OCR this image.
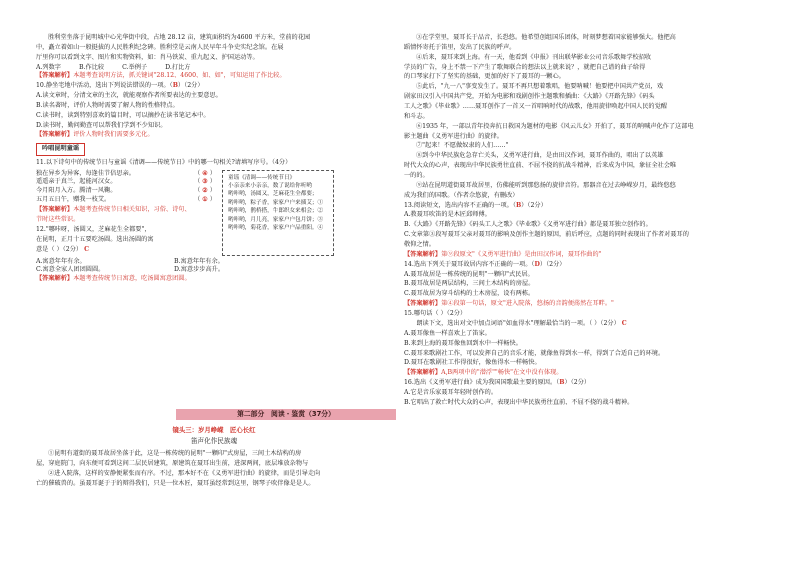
胜利堂坐落于昆明城中心光华街中段，占地 28.12 亩，建筑面积约为4600 平方米，堂前的花园

中，矗立着如山一般挺拔的人民胜利纪念碑。胜利堂是云南人民早年斗争史实纪念馆。在展

厅里你可以看到文字、图片和实物资料，如：肖马铁炭、重九起义、护国运动等。

A.列数字	B.作比较	C.举例子	D.打比方

【答案解析】本题考查说明方法，抓关键词"28.12、4600、如、如"，可知运用了作比较。

10.静坐宅地中活动，选出下列说法错误的一项。（B）（2分）

A.读文章时，分清文章的主次，就能观察作者所要表达的主要意思。

B.读名著时，评价人物时需要了解人物的性格特点。

C.读书时，读到特别喜欢的篇目时，可以摘抄在读书笔记本中。

D.读书时，勤问勤查可以帮我们学到不少知识。

【答案解析】评价人物时我们需要多元化。

吟唱昆明童谣

11.以下诗句中的传统节日与童谣《清调——传统节日》中的哪一句相关?请填写序号。（4分）

独在异乡为异客，每逢佳节倍思亲。	（ ④ ）
遥遥亲于真兰，起能河汉女。	（ ③ ）
今月阳月入方。腾清一风鞠。	（ ② ）
五月五日午，赠我一枝艾。	（ ① ）

【答案解析】本题考查传统节日相关知识，习俗、诗句、

节时这些常识。

12."哪咔呀，汤圆又，芝麻花生全都要"，

在昆明，正月十五要吃汤圆。选出汤圆的寓

意是（ ）（2分） C

童谣《清调——传统节日》
小亲亲来小亲亲，数了说给你听哟
哟咔哟，汤圆又，芝麻花生全都要；
哟咔哟，粽子香，家家户户来插艾；①
哟咔哟，鹊桥搭，牛郎织女来相会；②
哟咔哟，月儿亮，家家户户包月饼；③
哟咔哟，菊花香，家家户户品重阳。④
A.寓意年年有余。	B.寓意年年有余。
C.寓意全家人团团圆圆。	D.寓意步步高升。

【答案解析】本题考查传统节日寓意，吃汤圆寓意团圆。

第二部分　阅读・鉴赏（37分）
镜头三：岁月峥嵘　匠心长红
笛声化作民族魂

①昆明有道街的聂耳故居坐落于此，这是一栋传统的昆明"一颗印"式房屋，三间土木结构的房

屋，穿庭院门，向东便可看到这间二层民居建筑，原建筑在聂耳出生前，进深两间，底层堆放杂物与

②进入院落，这样的安静便紧张而有序。不过，那本好不在《义勇军进行曲》的旋律，而是引导走向

亡的催破兽的。虽聂耳诞于于的辩得我们，只是一位木匠，聂耳虽经常到这里，钢琴子吹伴像是是人。

③在学堂里，聂耳长于品音，长恐悠。他希望创组国乐团体，时刻梦想着国家能够强大。他把高

蹈情怀寄托于笛里，发出了民族的呼声。

④后来，聂耳来到上海。有一天，他看到《申报》刊出联华影业公司音乐歌舞学校招收

学员的广告，身上不禁一下产生了歌舞联合的想法以上就来说？，就把自己谱的曲子给得

的口琴家打下了坚实的基础，更加的好下了聂耳的一颗心。

⑤此后，"九一八"事变发生了。聂耳不再只想着歌唱，他要呐喊！他要把中国共产党员，戏

剧家田汉引入中国共产党，开始为电影和戏剧创作主题歌和插曲：《大路》《开路先锋》《码头

工人之歌》《毕业歌》……聂耳创作了一首又一首唱响时代的战歌，他用旋律唤起中国人民的觉醒

和斗志。

⑥1935 年，一部以青年投奔抗日救国为题材的电影《风云儿女》开拍了，聂耳的呐喊声化作了这部电

影主题曲《义勇军进行曲》的旋律。

⑦"起来！不愿做奴隶的人们……"

⑧到今中华民族危急存亡关头，义勇军进行曲，是由田汉作词，聂耳作曲的，唱出了以英雄

时代大众的心声，表现出中华民族勇往直前、不屈不挠的抗战斗精神，后来成为中国，象征全社会唯

一的的。

⑨站在昆明道街聂耳故居里，仿佛能听到那悠扬的旋律音符。那器音在过去峥嵘岁月，最终悠悠

成为我们的国歌。（作者佘悠旋，有删改）

13.阅读短文，选出内容不正确的一项。（B）（2分）

A.教聂耳吹笛的是木匠邱师傅。

B.《大路》《开路先锋》《码头工人之歌》《毕业歌》《义勇军进行曲》都是聂耳独立创作的。

C.文章第③段写聂耳父亲对聂耳的影响及创作主题的原因，前后呼应，点题的同时表现出了作者对聂耳的

敬仰之情。

【答案解析】第⑨段原文"《义勇军进行曲》是由田汉作词，聂耳作曲的"

14.选出下列关于聂耳故居内容不正确的一项。（D）（2分）

A.聂耳故居是一栋传统的昆明"一颗印"式民居。

B.聂耳故居是两层结构，三间土木结构的房屋。

C.聂耳故居为穿斗结构的土木房屋，设有两栋。

【答案解析】第④段第一句话，原文"进入院落，悠扬的音韵便荡然在耳畔。"

15.哪句话（ ）（2分）

　　朗读下文，选出对文中加点词语"如血得水"理解最恰当的一项。（ ）（2分） C

A.聂耳像鱼一样喜欢上了笛家。

B.来到上海的聂耳像鱼回到水中一样畅快。

C.聂耳来歌剧社工作，可以发挥自己的音乐才能，就像鱼得到水一样，得到了合适自己的环境。

D.聂耳在歌剧社工作得很好，像鱼得水一样畅快。

【答案解析】A,B两项中的"潜浮""畅快"在文中没有体现。

16.选出《义勇军进行曲》成为我国国歌最主要的原因。（B）（2分）

A.它是音乐家聂耳年轻时创作的。

B.它唱出了救亡时代大众的心声，表现出中华民族勇往直前、不屈不挠的战斗精神。
